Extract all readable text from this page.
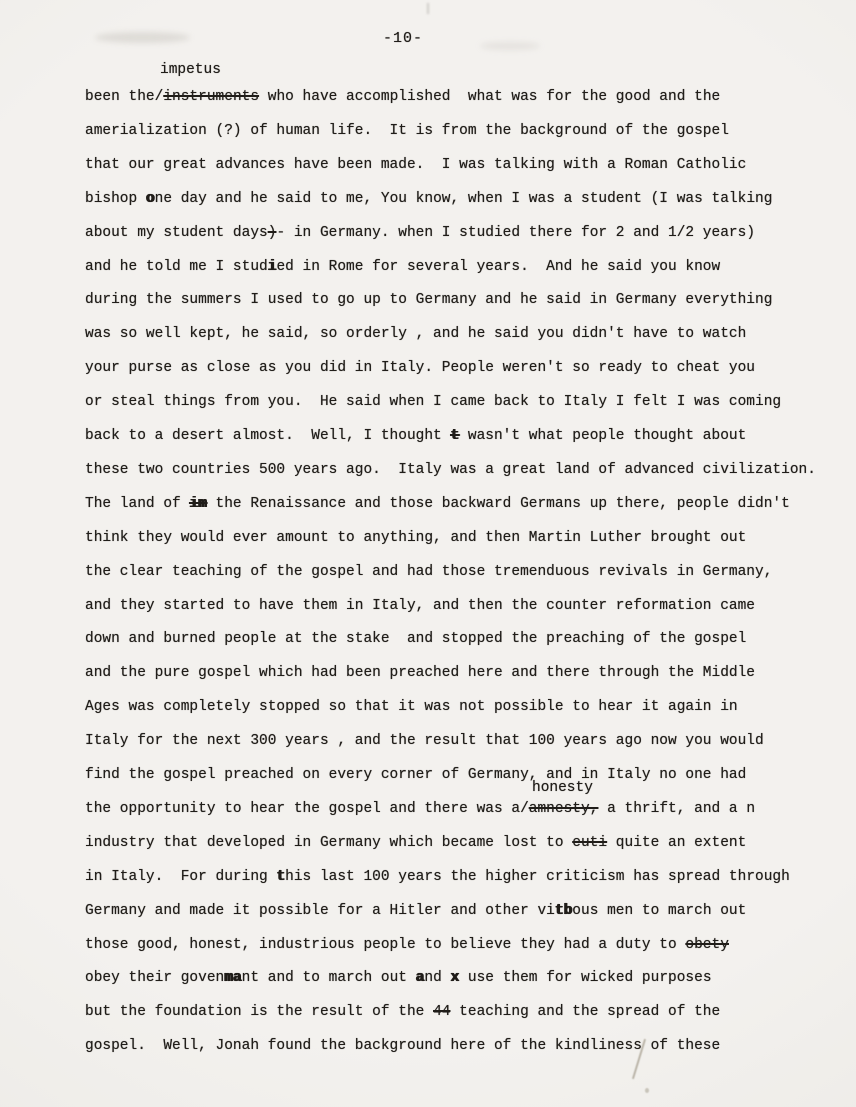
-10-
impetus
honesty
been the/instruments who have accomplished  what was for the good and the
amerialization (?) of human life.  It is from the background of the gospel
that our great advances have been made.  I was talking with a Roman Catholic
bishop one day and he said to me, You know, when I was a student (I was talking
about my student days)- in Germany. when I studied there for 2 and 1/2 years)
and he told me I studied in Rome for several years.  And he said you know
during the summers I used to go up to Germany and he said in Germany everything
was so well kept, he said, so orderly , and he said you didn't have to watch
your purse as close as you did in Italy. People weren't so ready to cheat you
or steal things from you.  He said when I came back to Italy I felt I was coming
back to a desert almost.  Well, I thought t wasn't what people thought about
these two countries 500 years ago.  Italy was a great land of advanced civilization.
The land of im the Renaissance and those backward Germans up there, people didn't
think they would ever amount to anything, and then Martin Luther brought out
the clear teaching of the gospel and had those tremenduous revivals in Germany,
and they started to have them in Italy, and then the counter reformation came
down and burned people at the stake  and stopped the preaching of the gospel
and the pure gospel which had been preached here and there through the Middle
Ages was completely stopped so that it was not possible to hear it again in
Italy for the next 300 years , and the result that 100 years ago now you would
find the gospel preached on every corner of Germany, and in Italy no one had
the opportunity to hear the gospel and there was a/amnesty, a thrift, and a n
industry that developed in Germany which became lost to euti quite an extent
in Italy.  For during this last 100 years the higher criticism has spread through
Germany and made it possible for a Hitler and other vitbous men to march out
those good, honest, industrious people to believe they had a duty to obety
obey their govenmant and to march out and x use them for wicked purposes
but the foundation is the result of the 44 teaching and the spread of the
gospel.  Well, Jonah found the background here of the kindliness of these
